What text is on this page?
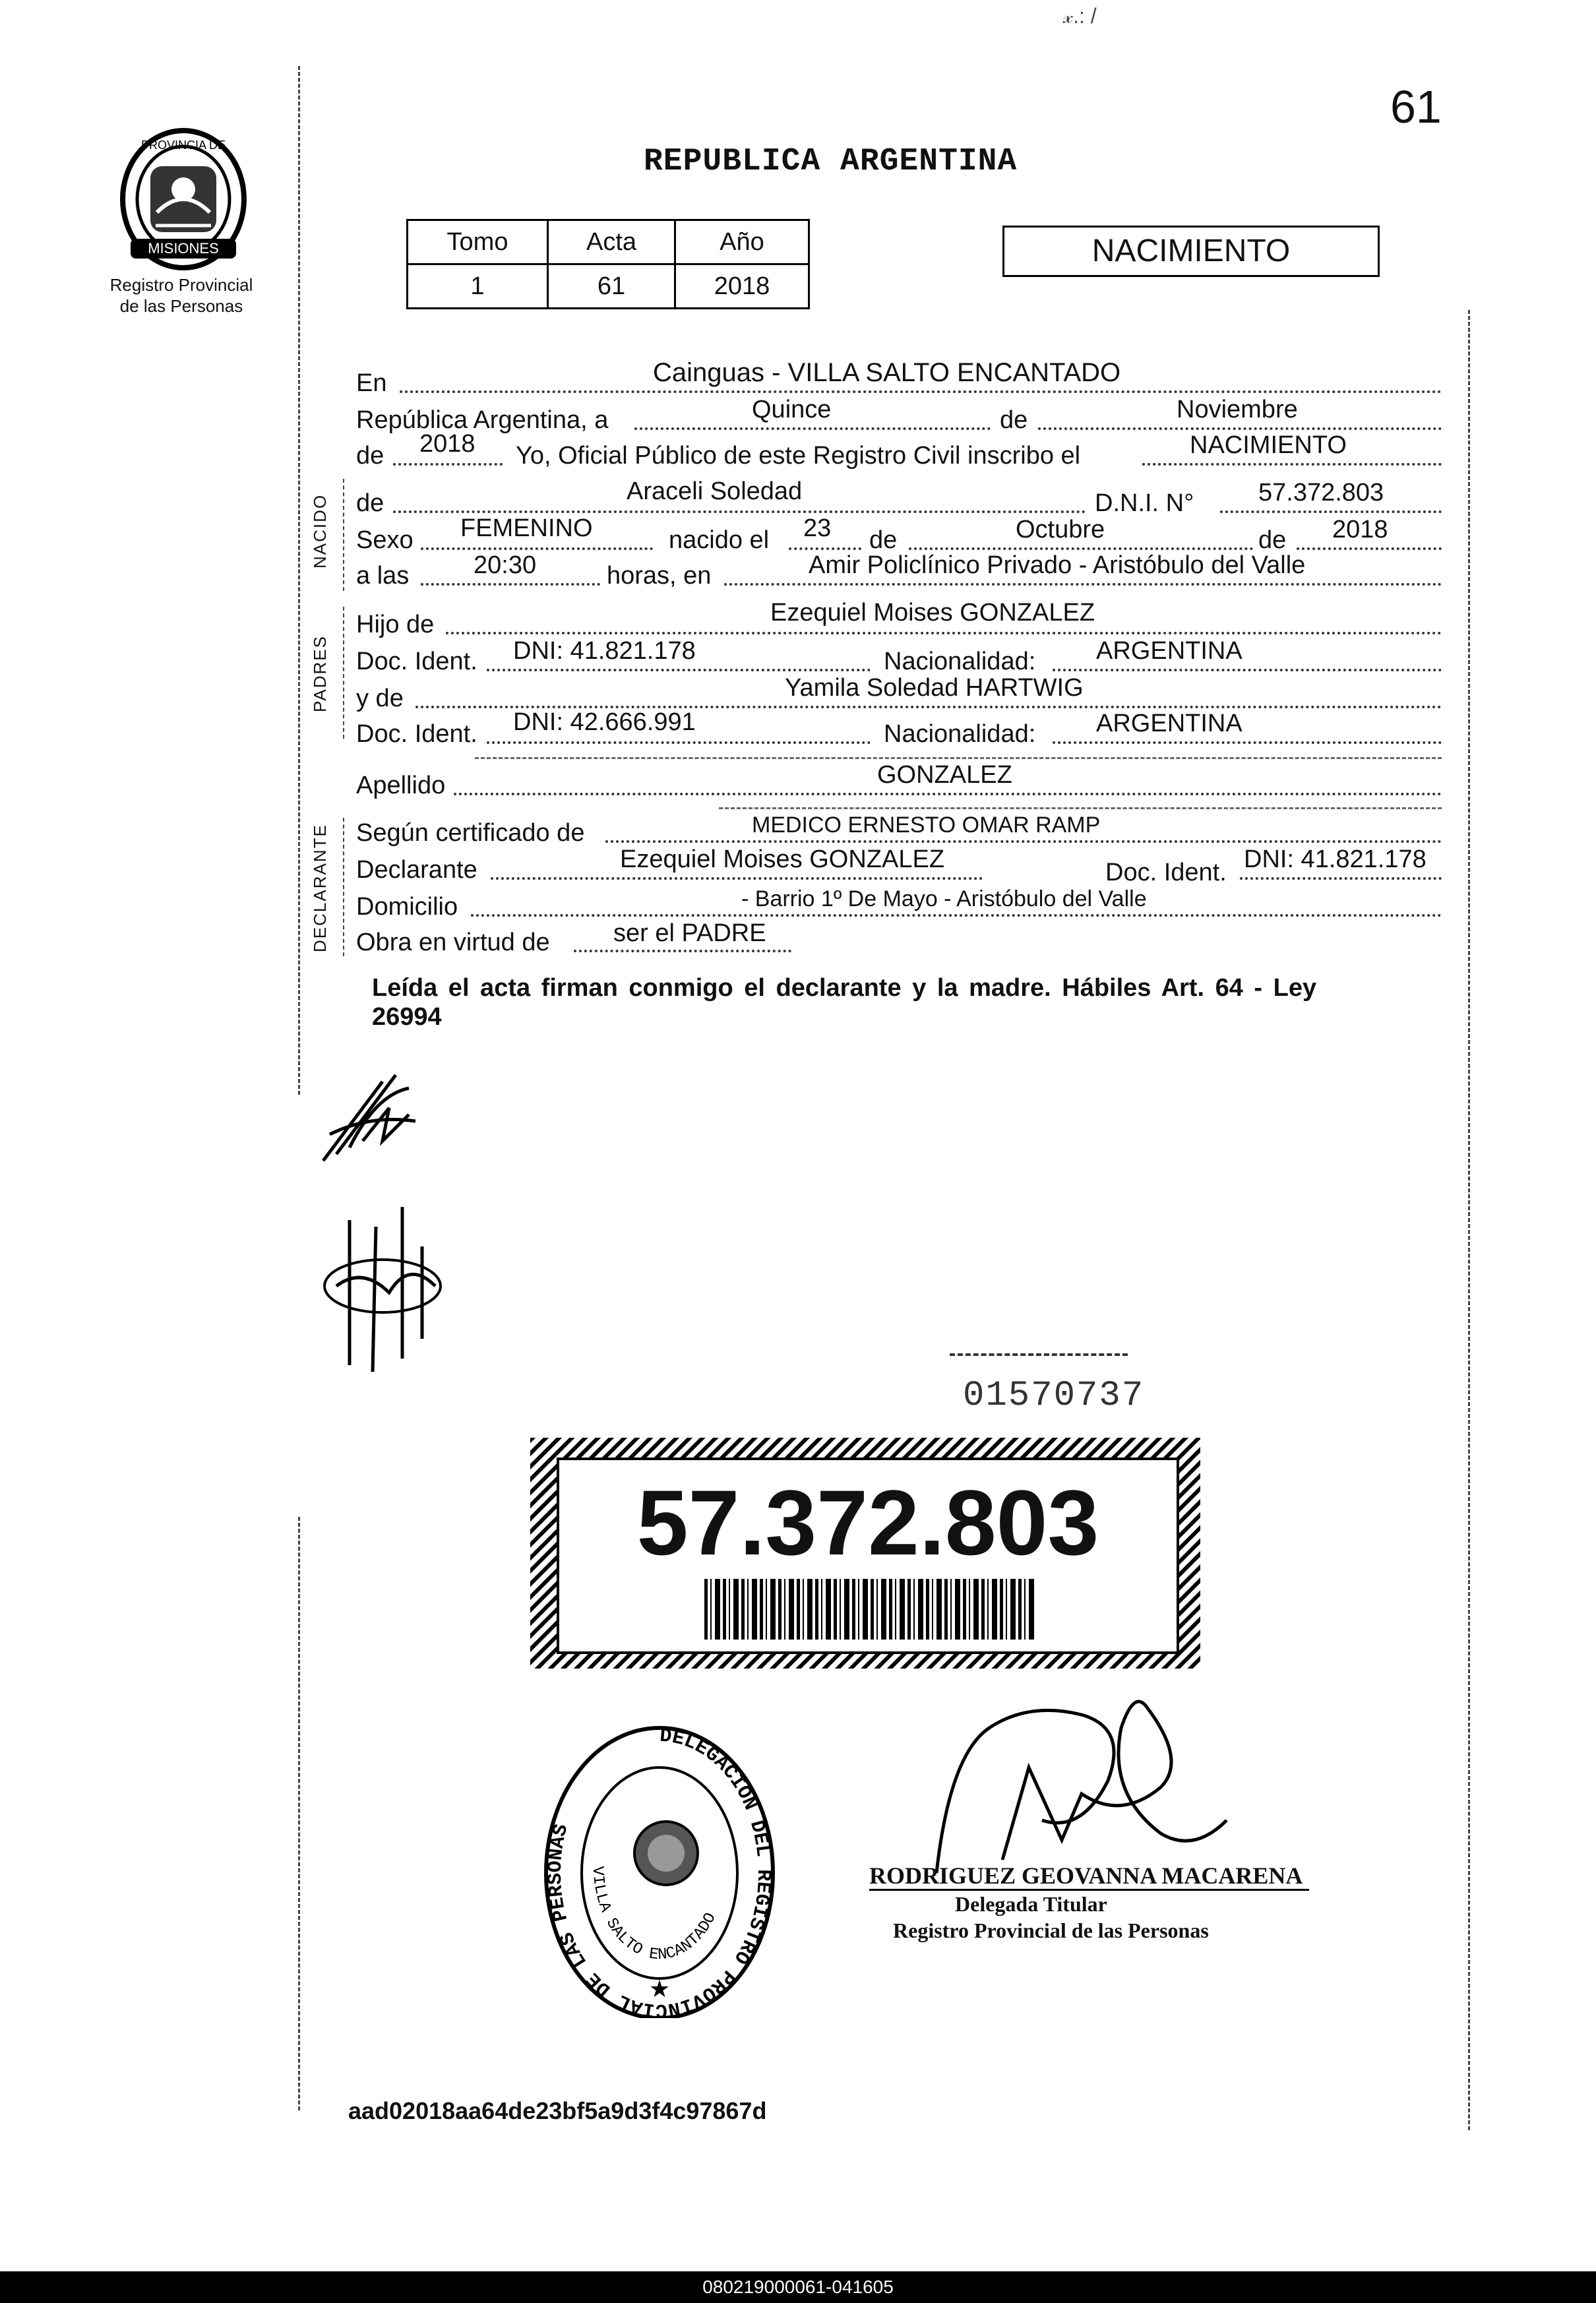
𝓍.: /
61
MISIONES
PROVINCIA DE
Registro Provincial
de las Personas
REPUBLICA ARGENTINA
Tomo	Acta	Año
1	61	2018
NACIMIENTO
NACIDO
PADRES
DECLARANTE
En	Cainguas - VILLA SALTO ENCANTADO
República Argentina, a	Quince	de	Noviembre
de 2018 Yo, Oficial Público de este Registro Civil inscribo el	NACIMIENTO
de	Araceli Soledad	D.N.I. N°	57.372.803
Sexo FEMENINO	nacido el 23 de	Octubre	de 2018
a las	20:30	horas, en	Amir Policlínico Privado - Aristóbulo del Valle
Hijo de	Ezequiel Moises GONZALEZ
Doc. Ident. DNI: 41.821.178	Nacionalidad: ARGENTINA
y de	Yamila Soledad HARTWIG
Doc. Ident. DNI: 42.666.991	Nacionalidad: ARGENTINA
Apellido	GONZALEZ
Según certificado de	MEDICO ERNESTO OMAR RAMP
Declarante	Ezequiel Moises GONZALEZ	Doc. Ident. DNI: 41.821.178
Domicilio	- Barrio 1º De Mayo - Aristóbulo del Valle
Obra en virtud de	ser el PADRE
Leída el acta firman conmigo el declarante y la madre. Hábiles Art. 64 - Ley
26994
01570737
57.372.803
DELEGACION DEL REGISTRO PROVINCIAL DE LAS PERSONAS
VILLA SALTO ENCANTADO
★
RODRIGUEZ GEOVANNA MACARENA
Delegada Titular
Registro Provincial de las Personas
aad02018aa64de23bf5a9d3f4c97867d
080219000061-041605
